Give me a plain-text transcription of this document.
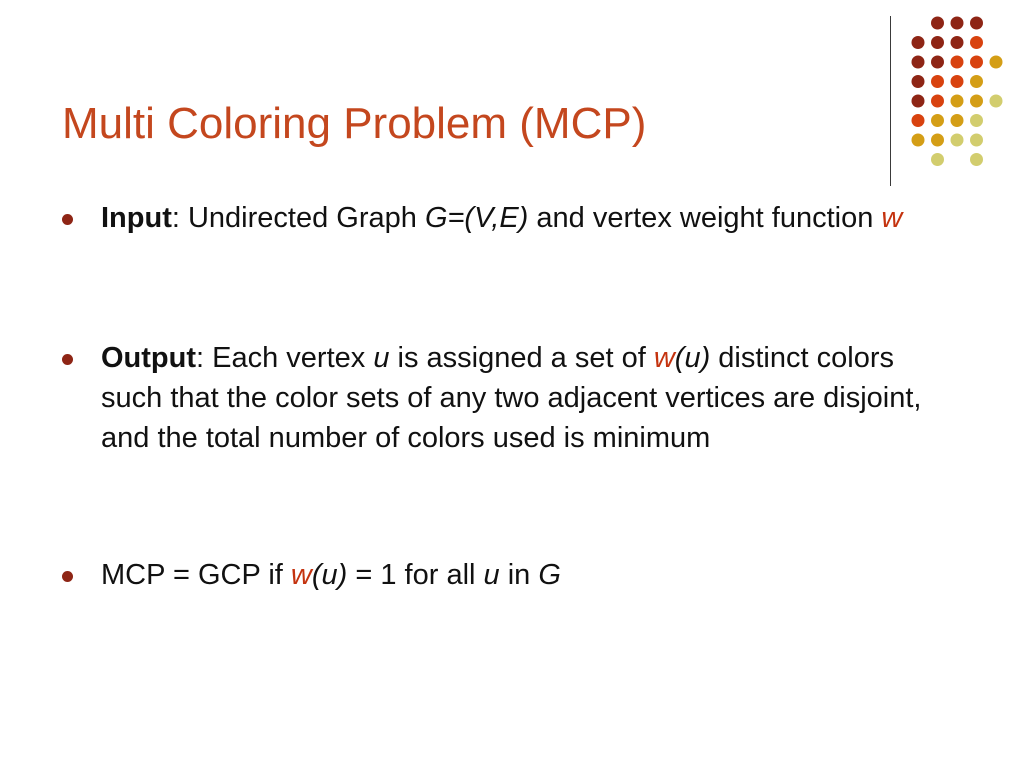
Multi Coloring Problem (MCP)
Input: Undirected Graph G=(V,E) and vertex weight function w
Output: Each vertex u is assigned a set of w(u) distinct colors such that the color sets of any two adjacent vertices are disjoint, and the total number of colors used is minimum
MCP = GCP if w(u) = 1 for all u in G
